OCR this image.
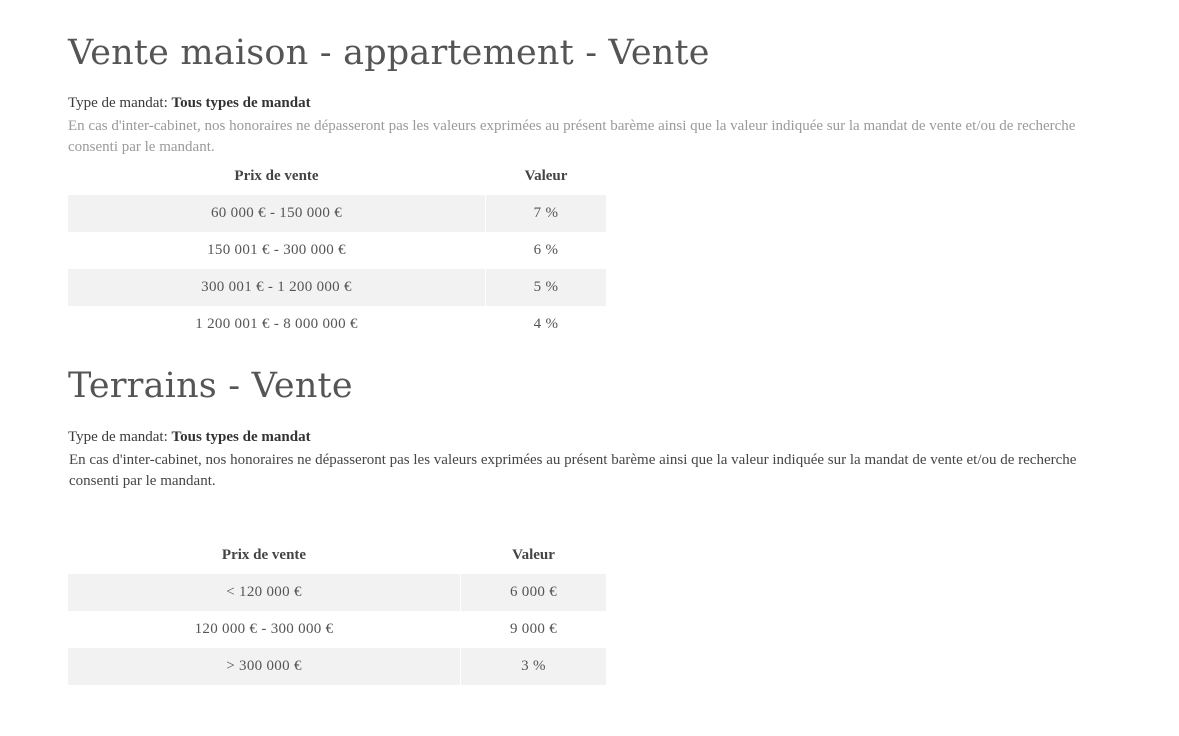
Vente maison - appartement - Vente

Type de mandat: Tous types de mandat

En cas d'inter-cabinet, nos honoraires ne dépasseront pas les valeurs exprimées au présent barème ainsi que la valeur indiquée sur la mandat de vente et/ou de recherche consenti par le mandant.

Prix de vente	Valeur
60 000 € - 150 000 €	7 %
150 001 € - 300 000 €	6 %
300 001 € - 1 200 000 €	5 %
1 200 001 € - 8 000 000 €	4 %
Terrains - Vente

Type de mandat: Tous types de mandat

En cas d'inter-cabinet, nos honoraires ne dépasseront pas les valeurs exprimées au présent barème ainsi que la valeur indiquée sur la mandat de vente et/ou de recherche consenti par le mandant.

Prix de vente	Valeur
< 120 000 €	6 000 €
120 000 € - 300 000 €	9 000 €
> 300 000 €	3 %
